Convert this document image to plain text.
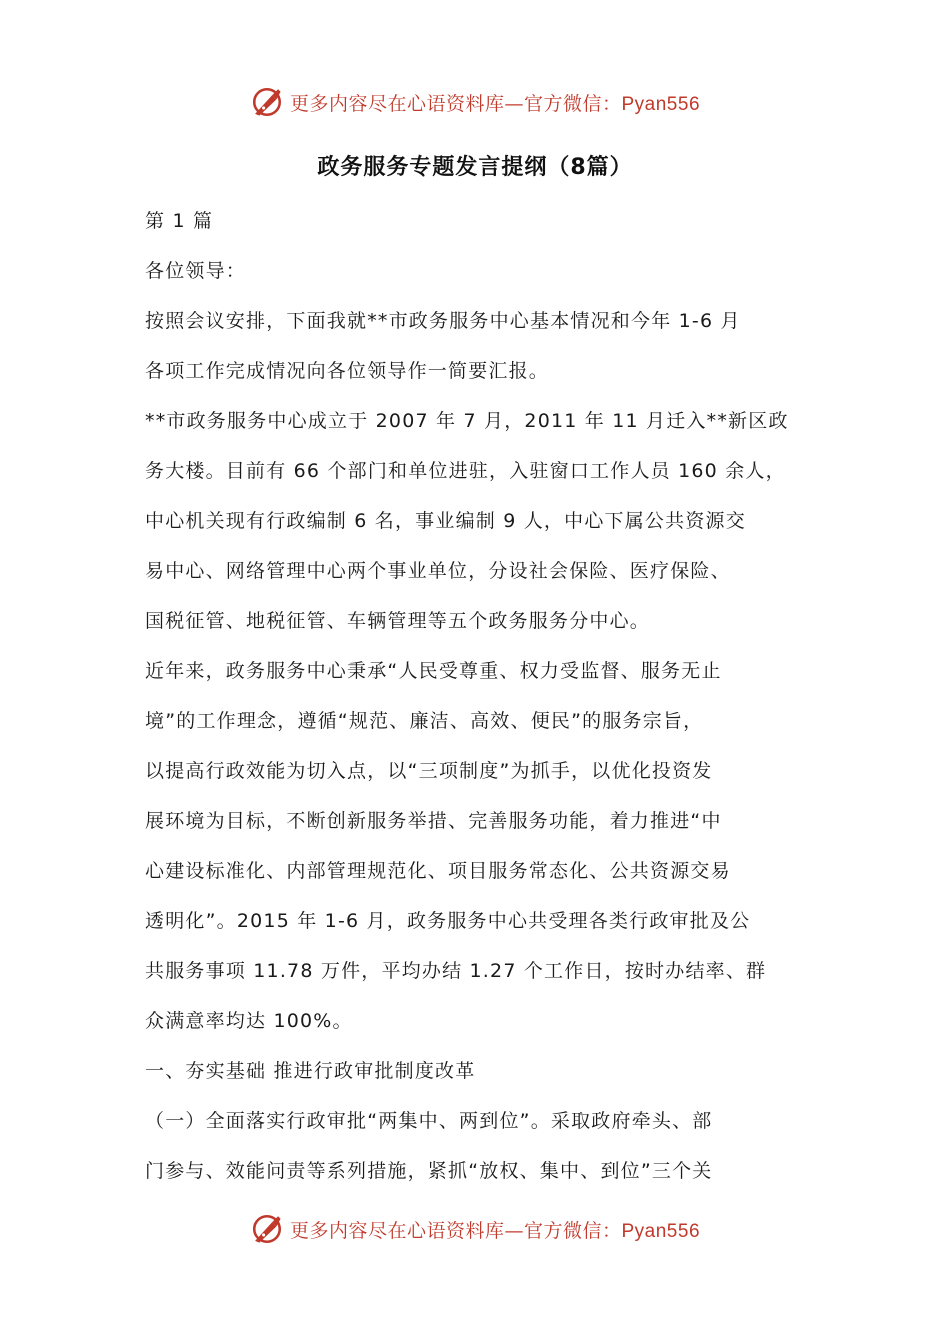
更多内容尽在心语资料库—官方微信：Pyan556
政务服务专题发言提纲（8篇）
第 1 篇
各位领导：
按照会议安排，下面我就**市政务服务中心基本情况和今年 1-6 月
各项工作完成情况向各位领导作一简要汇报。
**市政务服务中心成立于 2007 年 7 月，2011 年 11 月迁入**新区政
务大楼。目前有 66 个部门和单位进驻，入驻窗口工作人员 160 余人，
中心机关现有行政编制 6 名，事业编制 9 人，中心下属公共资源交
易中心、网络管理中心两个事业单位，分设社会保险、医疗保险、
国税征管、地税征管、车辆管理等五个政务服务分中心。
近年来，政务服务中心秉承“人民受尊重、权力受监督、服务无止
境”的工作理念，遵循“规范、廉洁、高效、便民”的服务宗旨，
以提高行政效能为切入点，以“三项制度”为抓手，以优化投资发
展环境为目标，不断创新服务举措、完善服务功能，着力推进“中
心建设标准化、内部管理规范化、项目服务常态化、公共资源交易
透明化”。2015 年 1-6 月，政务服务中心共受理各类行政审批及公
共服务事项 11.78 万件，平均办结 1.27 个工作日，按时办结率、群
众满意率均达 100%。
一、夯实基础 推进行政审批制度改革
（一）全面落实行政审批“两集中、两到位”。采取政府牵头、部
门参与、效能问责等系列措施，紧抓“放权、集中、到位”三个关
更多内容尽在心语资料库—官方微信：Pyan556
